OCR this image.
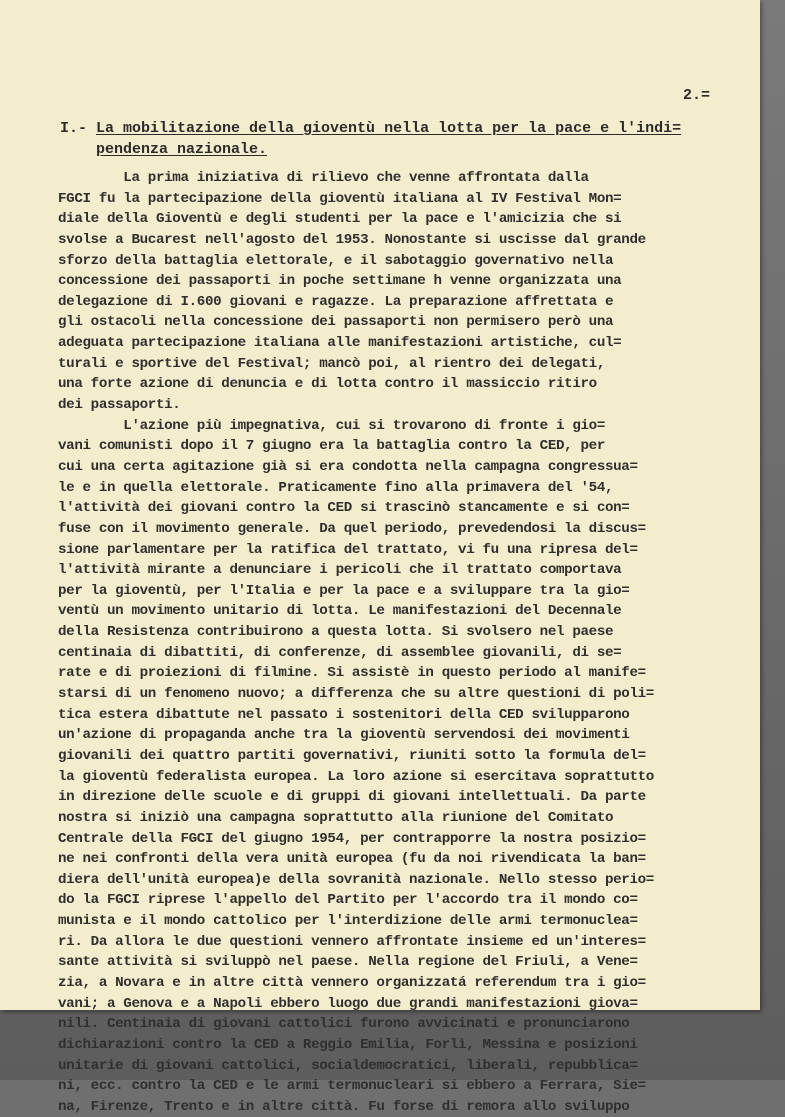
2.=

I.- La mobilitazione della gioventù nella lotta per la pace e l'indi=
pendenza nazionale.

La prima iniziativa di rilievo che venne affrontata dalla
FGCI fu la partecipazione della gioventù italiana al IV Festival Mon=
diale della Gioventù e degli studenti per la pace e l'amicizia che si
svolse a Bucarest nell'agosto del 1953. Nonostante si uscisse dal grande
sforzo della battaglia elettorale, e il sabotaggio governativo nella
concessione dei passaporti in poche settimane h venne organizzata una
delegazione di I.600 giovani e ragazze. La preparazione affrettata e
gli ostacoli nella concessione dei passaporti non permisero però una
adeguata partecipazione italiana alle manifestazioni artistiche, cul=
turali e sportive del Festival; mancò poi, al rientro dei delegati,
una forte azione di denuncia e di lotta contro il massiccio ritiro
dei passaporti.
L'azione più impegnativa, cui si trovarono di fronte i gio=
vani comunisti dopo il 7 giugno era la battaglia contro la CED, per
cui una certa agitazione già si era condotta nella campagna congressua=
le e in quella elettorale. Praticamente fino alla primavera del '54,
l'attività dei giovani contro la CED si trascinò stancamente e si con=
fuse con il movimento generale. Da quel periodo, prevedendosi la discus=
sione parlamentare per la ratifica del trattato, vi fu una ripresa del=
l'attività mirante a denunciare i pericoli che il trattato comportava
per la gioventù, per l'Italia e per la pace e a sviluppare tra la gio=
ventù un movimento unitario di lotta. Le manifestazioni del Decennale
della Resistenza contribuirono a questa lotta. Si svolsero nel paese
centinaia di dibattiti, di conferenze, di assemblee giovanili, di se=
rate e di proiezioni di filmine. Si assistè in questo periodo al manife=
starsi di un fenomeno nuovo; a differenza che su altre questioni di poli=
tica estera dibattute nel passato i sostenitori della CED svilupparono
un'azione di propaganda anche tra la gioventù servendosi dei movimenti
giovanili dei quattro partiti governativi, riuniti sotto la formula del=
la gioventù federalista europea. La loro azione si esercitava soprattutto
in direzione delle scuole e di gruppi di giovani intellettuali. Da parte
nostra si iniziò una campagna soprattutto alla riunione del Comitato
Centrale della FGCI del giugno 1954, per contrapporre la nostra posizio=
ne nei confronti della vera unità europea (fu da noi rivendicata la ban=
diera dell'unità europea)e della sovranità nazionale. Nello stesso perio=
do la FGCI riprese l'appello del Partito per l'accordo tra il mondo co=
munista e il mondo cattolico per l'interdizione delle armi termonucleа=
ri. Da allora le due questioni vennero affrontate insieme ed un'interes=
sante attività si sviluppò nel paese. Nella regione del Friuli, a Vene=
zia, a Novara e in altre città vennero organizzatá referendum tra i gio=
vani; a Genova e a Napoli ebbero luogo due grandi manifestazioni giova=
nili. Centinaia di giovani cattolici furono avvicinati e pronunciarono
dichiarazioni contro la CED a Reggio Emilia, Forlì, Messina e posizioni
unitarie di giovani cattolici, socialdemocratici, liberali, repubblica=
ni, ecc. contro la CED e le armi termonucleari si ebbero a Ferrara, Sie=
na, Firenze, Trento e in altre città. Fu forse di remora allo sviluppo
